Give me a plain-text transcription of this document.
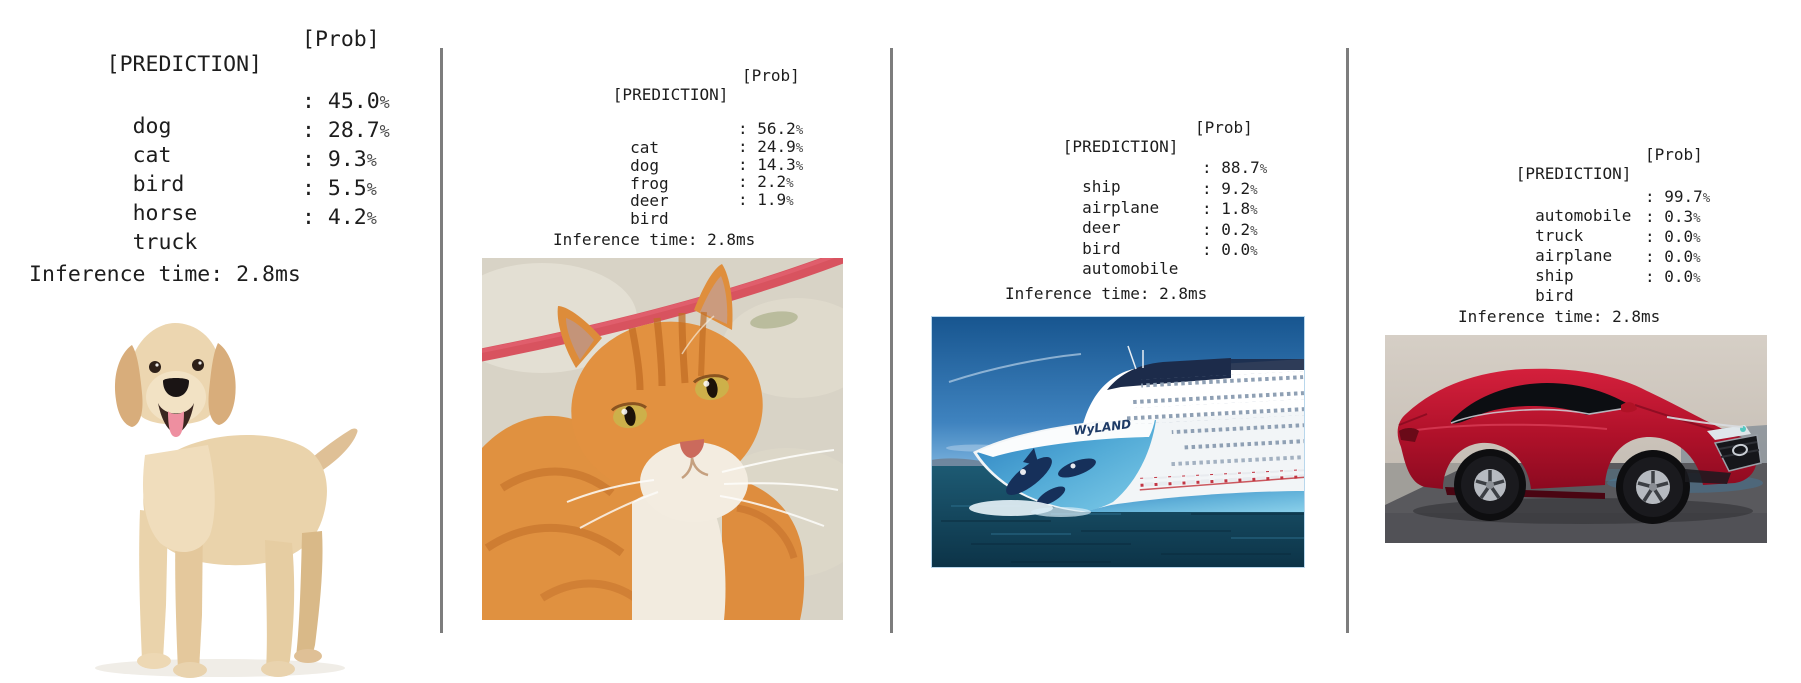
[PREDICTION]

[Prob]

dog

: 45.0%

cat

: 28.7%

bird

: 9.3%

horse

: 5.5%

truck

: 4.2%

Inference time: 2.8ms

[PREDICTION]

[Prob]

cat

: 56.2%

dog

: 24.9%

frog

: 14.3%

deer

: 2.2%

bird

: 1.9%

Inference time: 2.8ms

[PREDICTION]

[Prob]

ship

: 88.7%

airplane

: 9.2%

deer

: 1.8%

bird

: 0.2%

automobile

: 0.0%

Inference time: 2.8ms
WyLAND

[PREDICTION]

[Prob]

automobile

: 99.7%

truck

: 0.3%

airplane

: 0.0%

ship

: 0.0%

bird

: 0.0%

Inference time: 2.8ms
